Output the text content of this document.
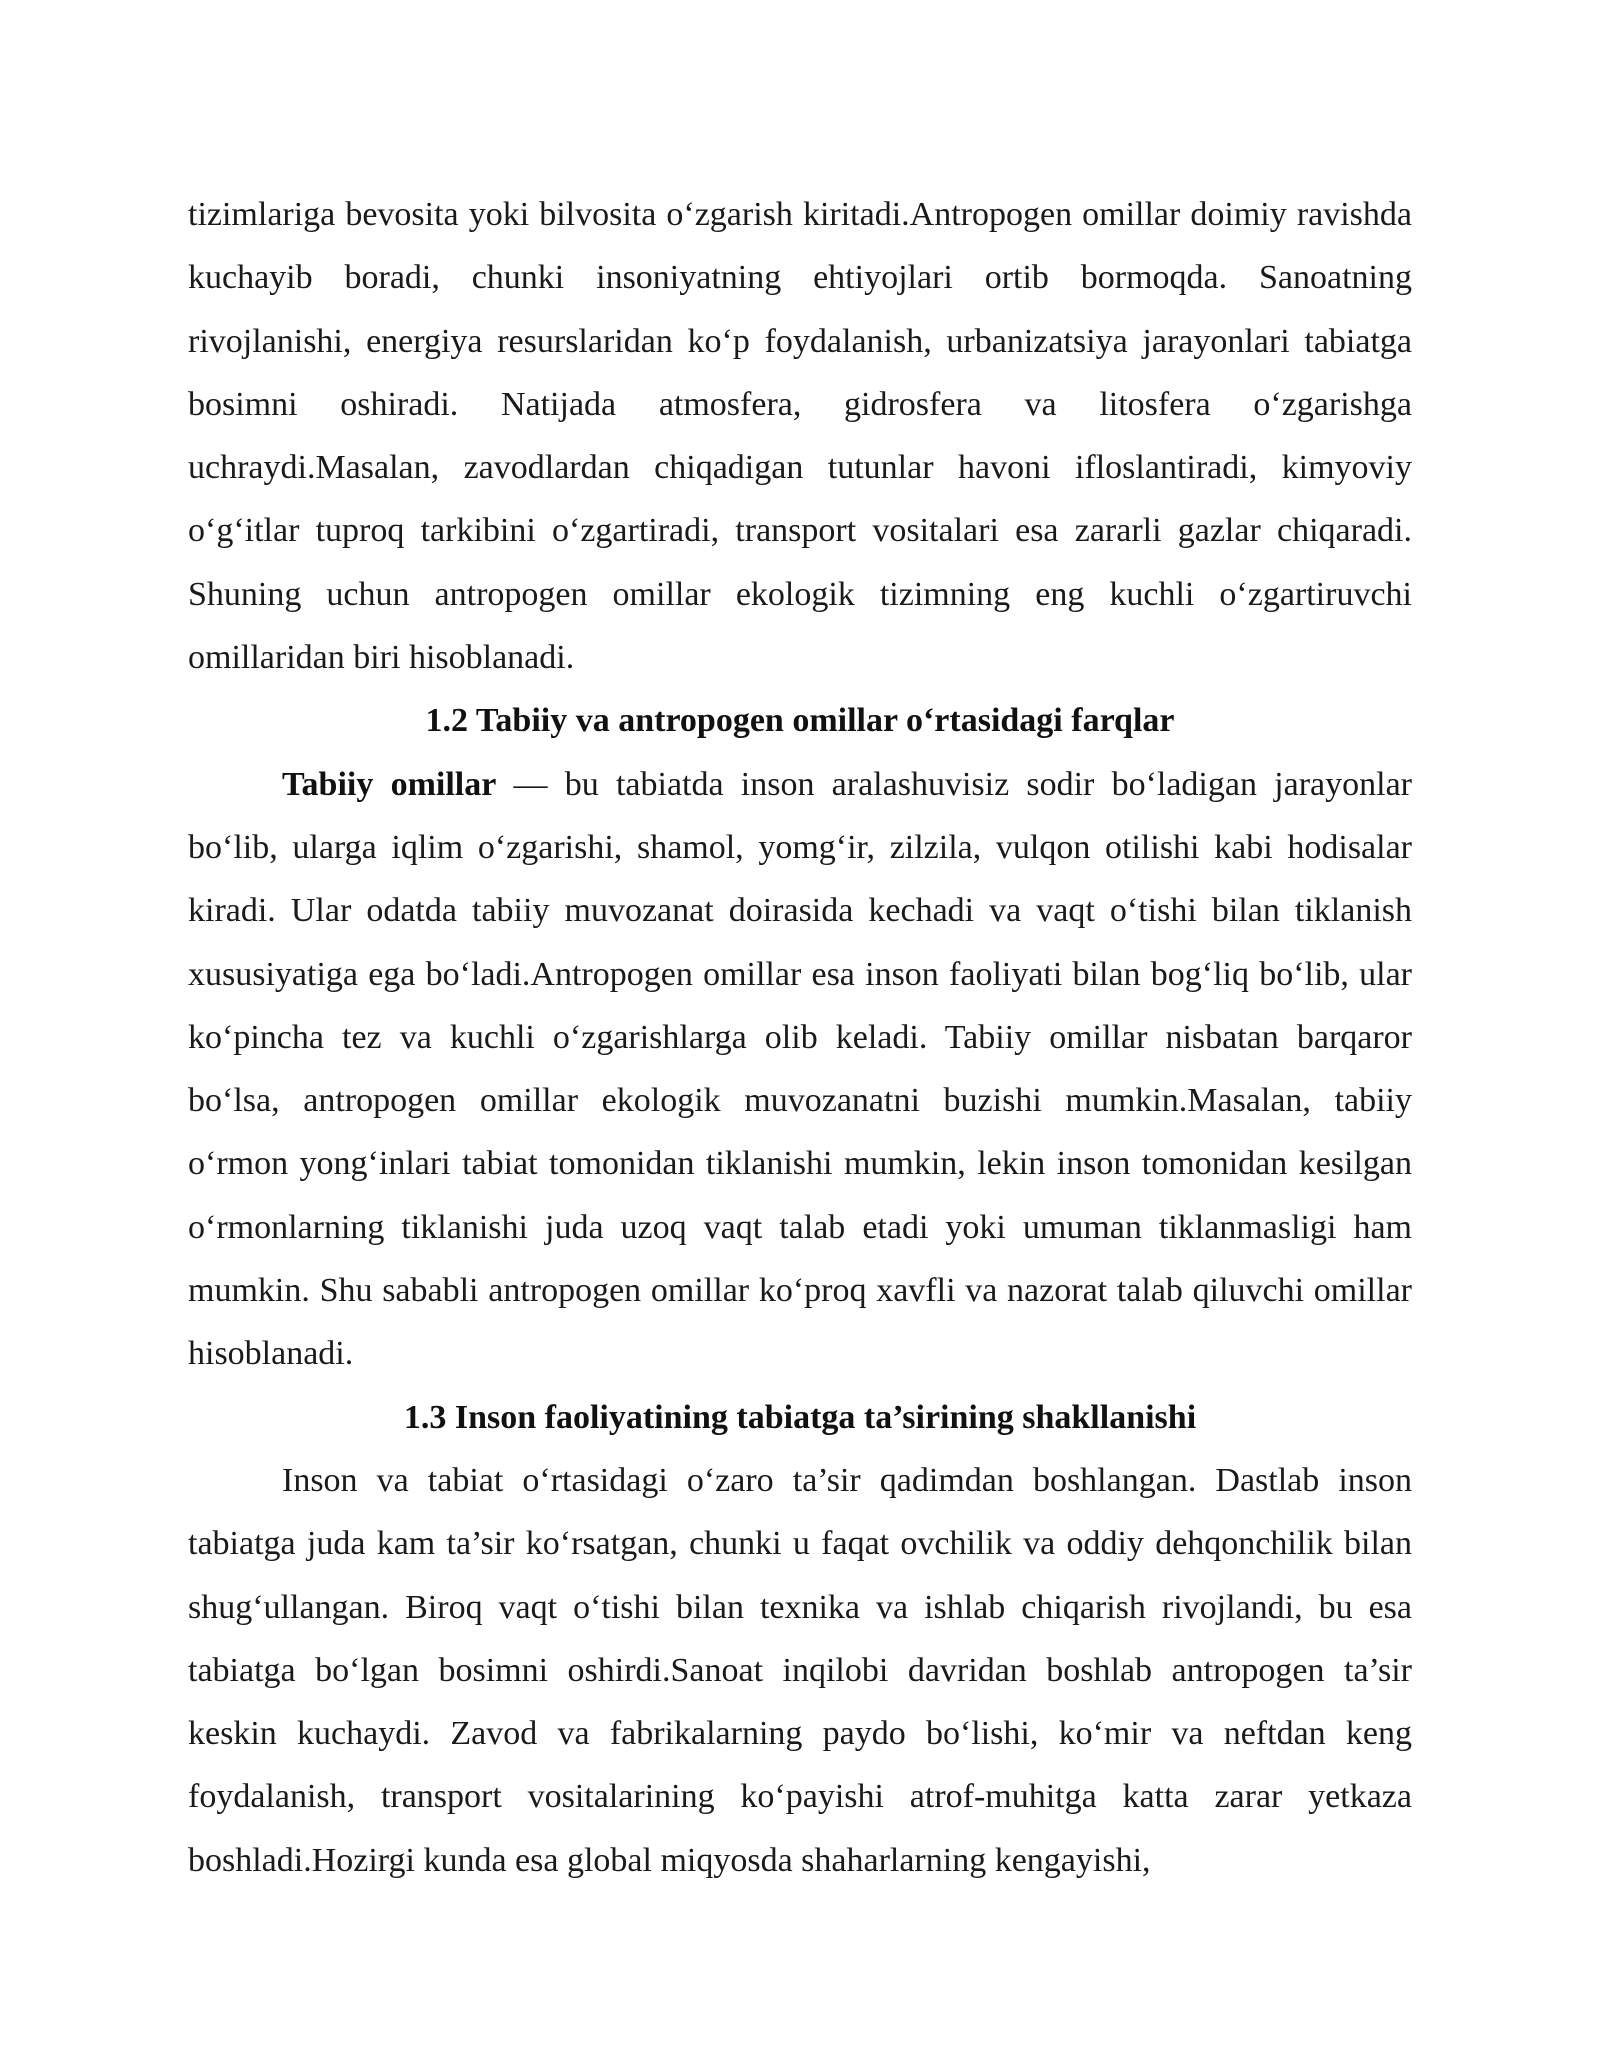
tizimlariga bevosita yoki bilvosita o‘zgarish kiritadi.Antropogen omillar doimiy ravishda kuchayib boradi, chunki insoniyatning ehtiyojlari ortib bormoqda. Sanoatning rivojlanishi, energiya resurslaridan ko‘p foydalanish, urbanizatsiya jarayonlari tabiatga bosimni oshiradi. Natijada atmosfera, gidrosfera va litosfera o‘zgarishga uchraydi.Masalan, zavodlardan chiqadigan tutunlar havoni ifloslantiradi, kimyoviy o‘g‘itlar tuproq tarkibini o‘zgartiradi, transport vositalari esa zararli gazlar chiqaradi. Shuning uchun antropogen omillar ekologik tizimning eng kuchli o‘zgartiruvchi omillaridan biri hisoblanadi.

1.2 Tabiiy va antropogen omillar o‘rtasidagi farqlar

Tabiiy omillar — bu tabiatda inson aralashuvisiz sodir bo‘ladigan jarayonlar bo‘lib, ularga iqlim o‘zgarishi, shamol, yomg‘ir, zilzila, vulqon otilishi kabi hodisalar kiradi. Ular odatda tabiiy muvozanat doirasida kechadi va vaqt o‘tishi bilan tiklanish xususiyatiga ega bo‘ladi.Antropogen omillar esa inson faoliyati bilan bog‘liq bo‘lib, ular ko‘pincha tez va kuchli o‘zgarishlarga olib keladi. Tabiiy omillar nisbatan barqaror bo‘lsa, antropogen omillar ekologik muvozanatni buzishi mumkin.Masalan, tabiiy o‘rmon yong‘inlari tabiat tomonidan tiklanishi mumkin, lekin inson tomonidan kesilgan o‘rmonlarning tiklanishi juda uzoq vaqt talab etadi yoki umuman tiklanmasligi ham mumkin. Shu sababli antropogen omillar ko‘proq xavfli va nazorat talab qiluvchi omillar hisoblanadi.

1.3 Inson faoliyatining tabiatga ta’sirining shakllanishi

Inson va tabiat o‘rtasidagi o‘zaro ta’sir qadimdan boshlangan. Dastlab inson tabiatga juda kam ta’sir ko‘rsatgan, chunki u faqat ovchilik va oddiy dehqonchilik bilan shug‘ullangan. Biroq vaqt o‘tishi bilan texnika va ishlab chiqarish rivojlandi, bu esa tabiatga bo‘lgan bosimni oshirdi.Sanoat inqilobi davridan boshlab antropogen ta’sir keskin kuchaydi. Zavod va fabrikalarning paydo bo‘lishi, ko‘mir va neftdan keng foydalanish, transport vositalarining ko‘payishi atrof-muhitga katta zarar yetkaza boshladi.Hozirgi kunda esa global miqyosda shaharlarning kengayishi,
